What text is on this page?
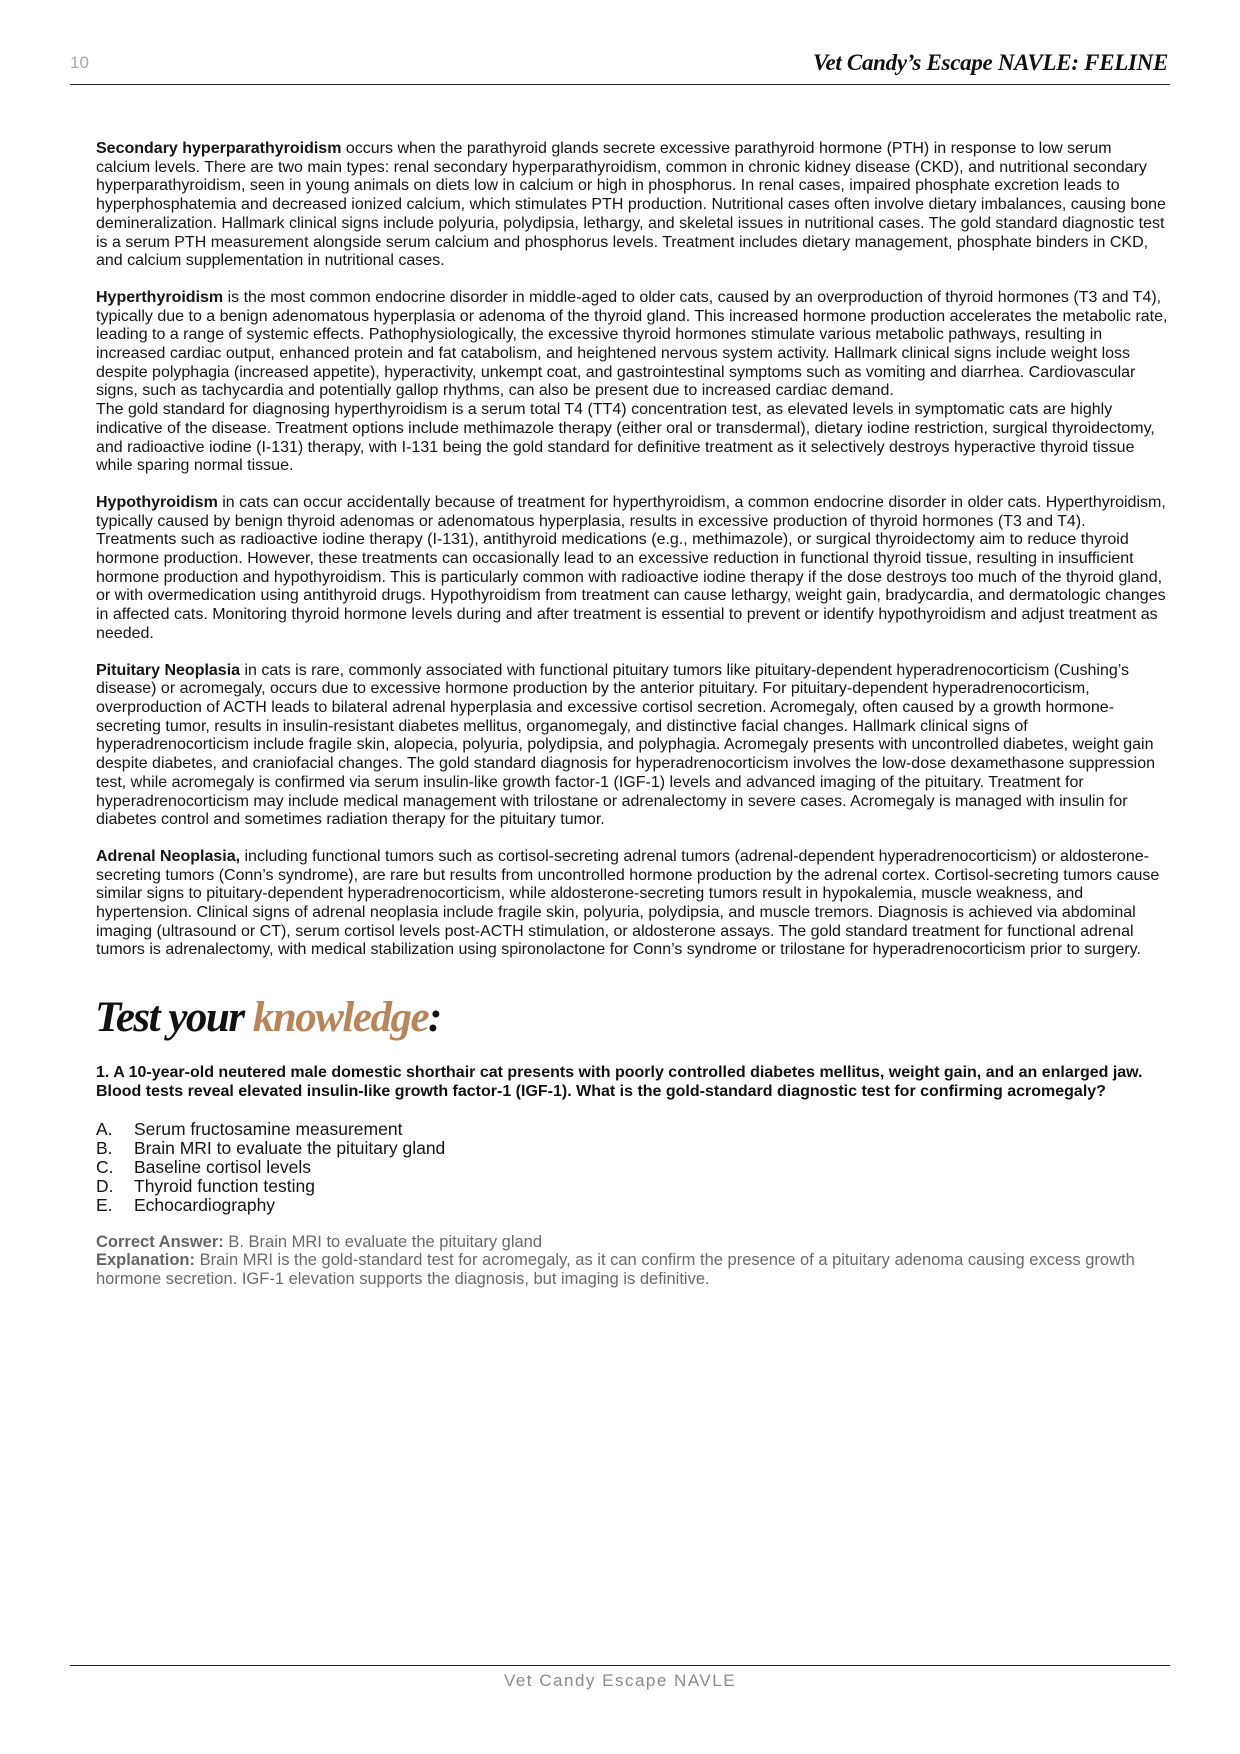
10	Vet Candy’s Escape NAVLE: FELINE

Secondary hyperparathyroidism occurs when the parathyroid glands secrete excessive parathyroid hormone (PTH) in response to low serum calcium levels. There are two main types: renal secondary hyperparathyroidism, common in chronic kidney disease (CKD), and nutritional secondary hyperparathyroidism, seen in young animals on diets low in calcium or high in phosphorus. In renal cases, impaired phosphate excretion leads to hyperphosphatemia and decreased ionized calcium, which stimulates PTH production. Nutritional cases often involve dietary imbalances, causing bone demineralization. Hallmark clinical signs include polyuria, polydipsia, lethargy, and skeletal issues in nutritional cases. The gold standard diagnostic test is a serum PTH measurement alongside serum calcium and phosphorus levels. Treatment includes dietary management, phosphate binders in CKD, and calcium supplementation in nutritional cases.

Hyperthyroidism is the most common endocrine disorder in middle-aged to older cats, caused by an overproduction of thyroid hormones (T3 and T4), typically due to a benign adenomatous hyperplasia or adenoma of the thyroid gland. This increased hormone production accelerates the metabolic rate, leading to a range of systemic effects. Pathophysiologically, the excessive thyroid hormones stimulate various metabolic pathways, resulting in increased cardiac output, enhanced protein and fat catabolism, and heightened nervous system activity. Hallmark clinical signs include weight loss despite polyphagia (increased appetite), hyperactivity, unkempt coat, and gastrointestinal symptoms such as vomiting and diarrhea. Cardiovascular signs, such as tachycardia and potentially gallop rhythms, can also be present due to increased cardiac demand.
The gold standard for diagnosing hyperthyroidism is a serum total T4 (TT4) concentration test, as elevated levels in symptomatic cats are highly indicative of the disease. Treatment options include methimazole therapy (either oral or transdermal), dietary iodine restriction, surgical thyroidectomy, and radioactive iodine (I-131) therapy, with I-131 being the gold standard for definitive treatment as it selectively destroys hyperactive thyroid tissue while sparing normal tissue.

Hypothyroidism in cats can occur accidentally because of treatment for hyperthyroidism, a common endocrine disorder in older cats. Hyperthyroidism, typically caused by benign thyroid adenomas or adenomatous hyperplasia, results in excessive production of thyroid hormones (T3 and T4). Treatments such as radioactive iodine therapy (I-131), antithyroid medications (e.g., methimazole), or surgical thyroidectomy aim to reduce thyroid hormone production. However, these treatments can occasionally lead to an excessive reduction in functional thyroid tissue, resulting in insufficient hormone production and hypothyroidism. This is particularly common with radioactive iodine therapy if the dose destroys too much of the thyroid gland, or with overmedication using antithyroid drugs. Hypothyroidism from treatment can cause lethargy, weight gain, bradycardia, and dermatologic changes in affected cats. Monitoring thyroid hormone levels during and after treatment is essential to prevent or identify hypothyroidism and adjust treatment as needed.

Pituitary Neoplasia in cats is rare, commonly associated with functional pituitary tumors like pituitary-dependent hyperadrenocorticism (Cushing’s disease) or acromegaly, occurs due to excessive hormone production by the anterior pituitary. For pituitary-dependent hyperadrenocorticism, overproduction of ACTH leads to bilateral adrenal hyperplasia and excessive cortisol secretion. Acromegaly, often caused by a growth hormone-secreting tumor, results in insulin-resistant diabetes mellitus, organomegaly, and distinctive facial changes. Hallmark clinical signs of hyperadrenocorticism include fragile skin, alopecia, polyuria, polydipsia, and polyphagia. Acromegaly presents with uncontrolled diabetes, weight gain despite diabetes, and craniofacial changes. The gold standard diagnosis for hyperadrenocorticism involves the low-dose dexamethasone suppression test, while acromegaly is confirmed via serum insulin-like growth factor-1 (IGF-1) levels and advanced imaging of the pituitary. Treatment for hyperadrenocorticism may include medical management with trilostane or adrenalectomy in severe cases. Acromegaly is managed with insulin for diabetes control and sometimes radiation therapy for the pituitary tumor.

Adrenal Neoplasia, including functional tumors such as cortisol-secreting adrenal tumors (adrenal-dependent hyperadrenocorticism) or aldosterone-secreting tumors (Conn’s syndrome), are rare but results from uncontrolled hormone production by the adrenal cortex. Cortisol-secreting tumors cause similar signs to pituitary-dependent hyperadrenocorticism, while aldosterone-secreting tumors result in hypokalemia, muscle weakness, and hypertension. Clinical signs of adrenal neoplasia include fragile skin, polyuria, polydipsia, and muscle tremors. Diagnosis is achieved via abdominal imaging (ultrasound or CT), serum cortisol levels post-ACTH stimulation, or aldosterone assays. The gold standard treatment for functional adrenal tumors is adrenalectomy, with medical stabilization using spironolactone for Conn’s syndrome or trilostane for hyperadrenocorticism prior to surgery.

Test your knowledge:

1. A 10-year-old neutered male domestic shorthair cat presents with poorly controlled diabetes mellitus, weight gain, and an enlarged jaw. Blood tests reveal elevated insulin-like growth factor-1 (IGF-1). What is the gold-standard diagnostic test for confirming acromegaly?

A.	Serum fructosamine measurement
B.	Brain MRI to evaluate the pituitary gland
C.	Baseline cortisol levels
D.	Thyroid function testing
E.	Echocardiography
Correct Answer: B. Brain MRI to evaluate the pituitary gland
Explanation: Brain MRI is the gold-standard test for acromegaly, as it can confirm the presence of a pituitary adenoma causing excess growth hormone secretion. IGF-1 elevation supports the diagnosis, but imaging is definitive.
Vet Candy Escape NAVLE
